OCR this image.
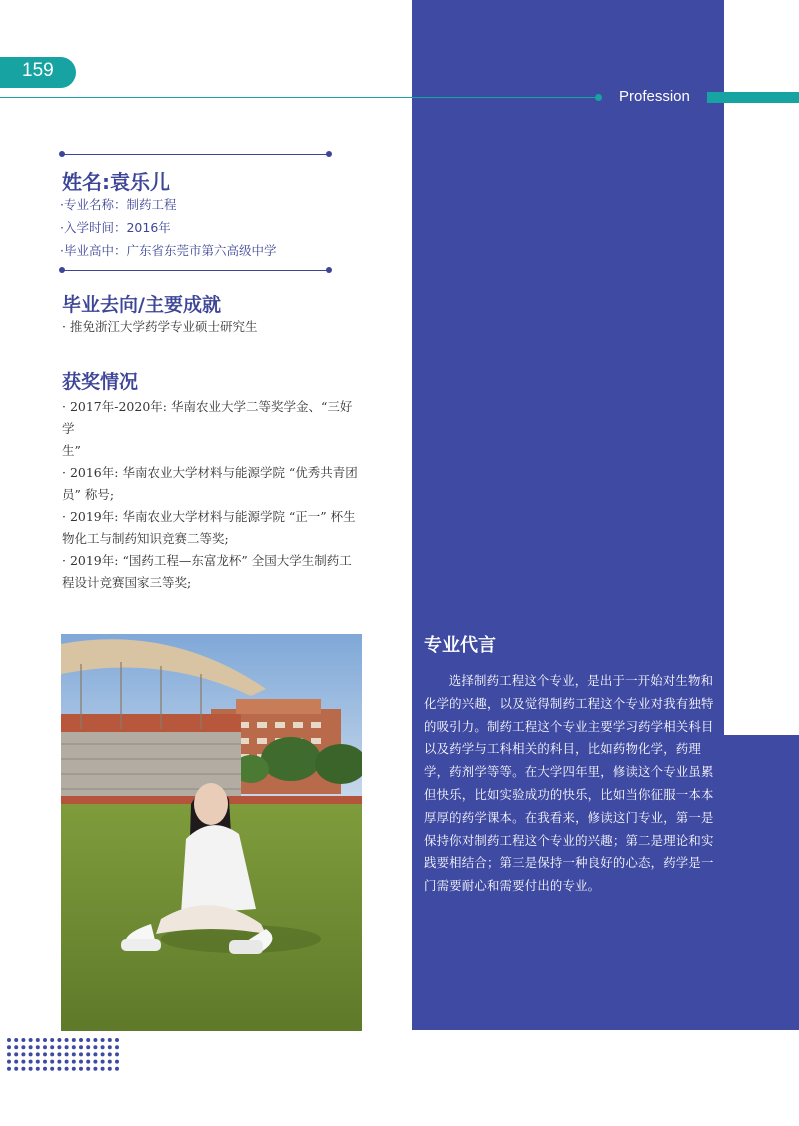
159
Profession
姓名:袁乐儿
·专业名称：制药工程
·入学时间：2016年
·毕业高中：广东省东莞市第六高级中学
毕业去向/主要成就
· 推免浙江大学药学专业硕士研究生
获奖情况
· 2017年-2020年: 华南农业大学二等奖学金、“三好学
生”
· 2016年: 华南农业大学材料与能源学院 “优秀共青团
员” 称号;
· 2019年: 华南农业大学材料与能源学院 “正一” 杯生
物化工与制药知识竞赛二等奖;
· 2019年: “国药工程—东富龙杯” 全国大学生制药工
程设计竞赛国家三等奖;
专业代言
选择制药工程这个专业，是出于一开始对生物和化学的兴趣，以及觉得制药工程这个专业对我有独特的吸引力。制药工程这个专业主要学习药学相关科目以及药学与工科相关的科目，比如药物化学，药理学，药剂学等等。在大学四年里，修读这个专业虽累但快乐，比如实验成功的快乐，比如当你征服一本本厚厚的药学课本。在我看来，修读这门专业，第一是保持你对制药工程这个专业的兴趣；第二是理论和实践要相结合；第三是保持一种良好的心态，药学是一门需要耐心和需要付出的专业。
